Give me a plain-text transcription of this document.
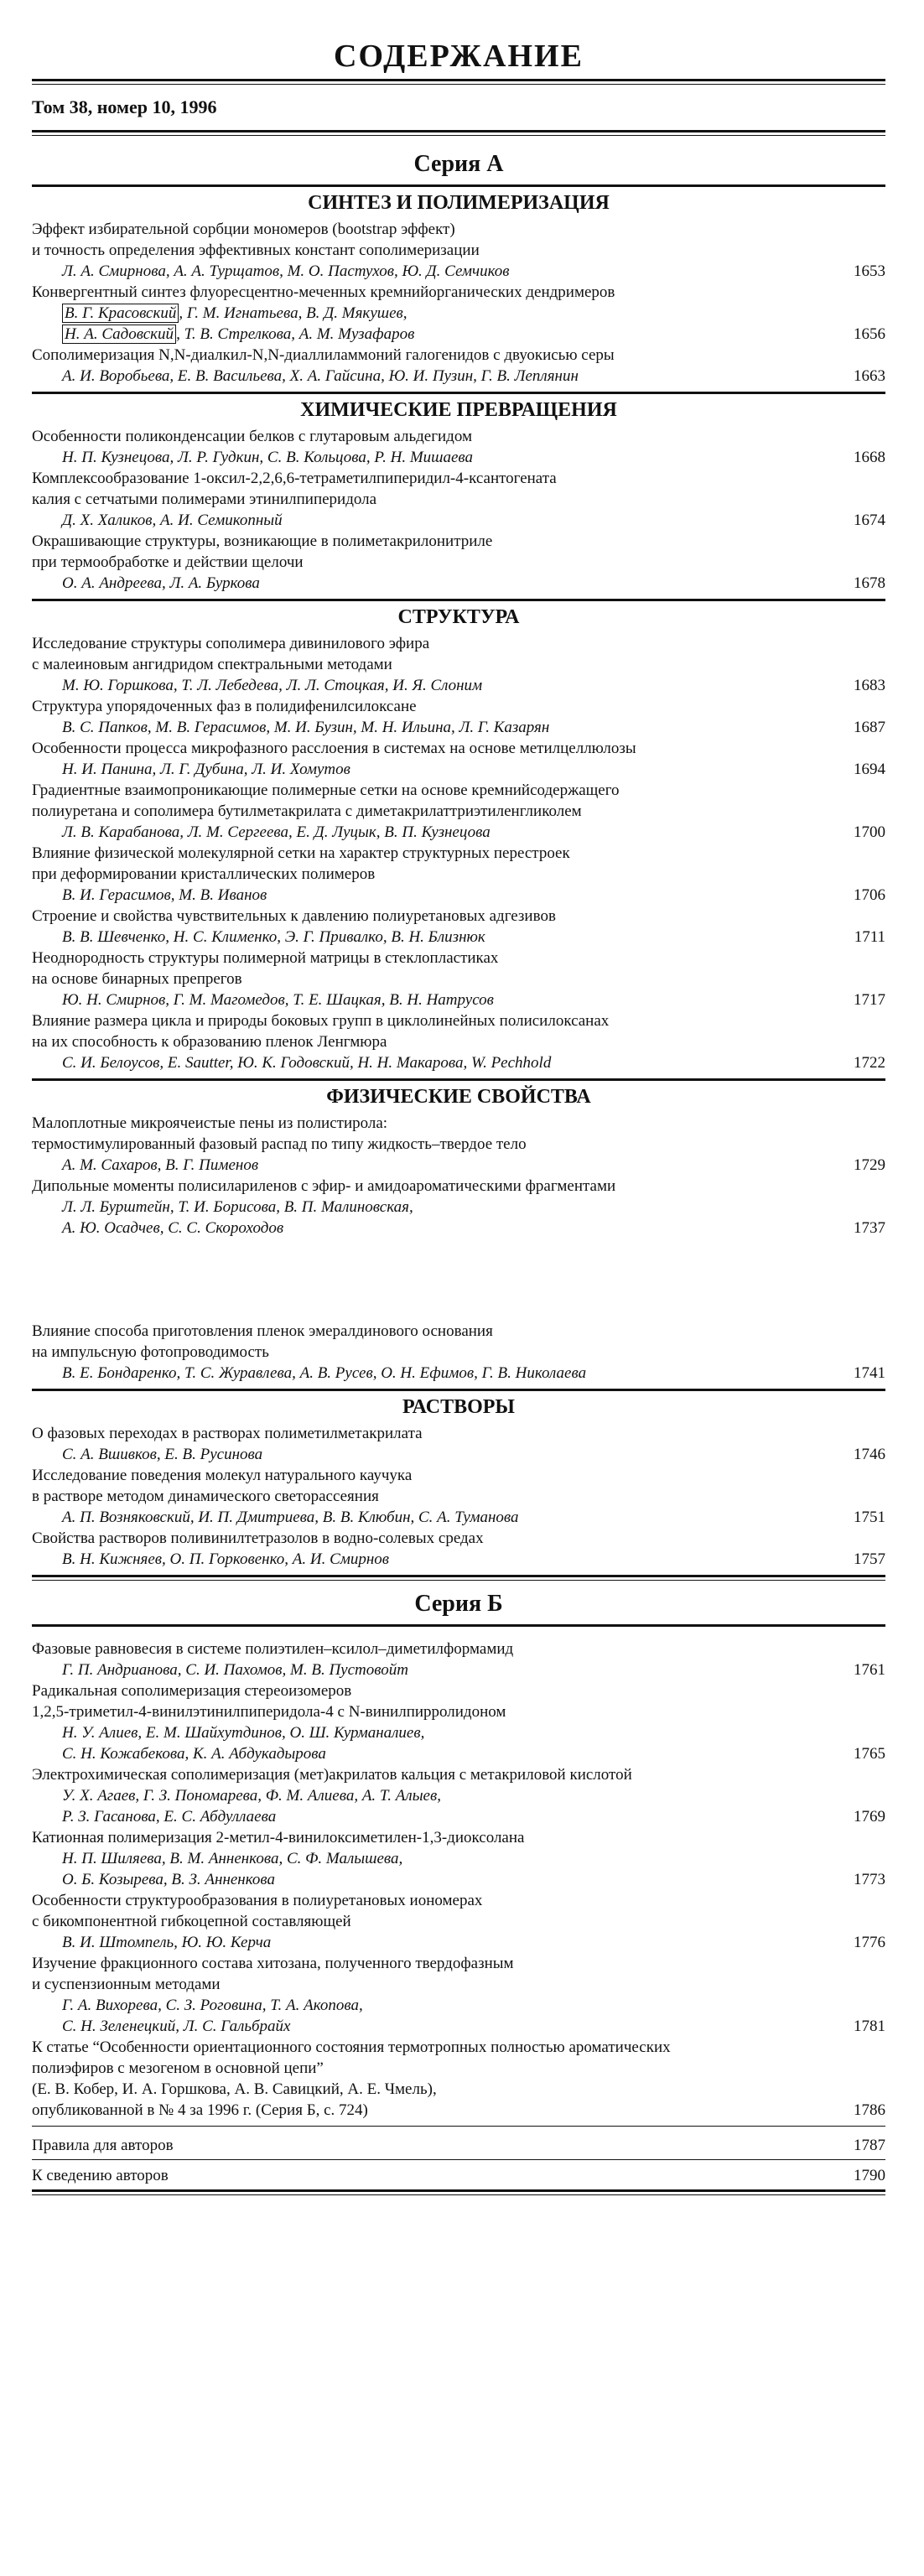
СОДЕРЖАНИЕ
Том 38, номер 10, 1996
Серия А
СИНТЕЗ И ПОЛИМЕРИЗАЦИЯ
Эффект избирательной сорбции мономеров (bootstrap эффект)
и точность определения эффективных констант сополимеризации
Л. А. Смирнова, А. А. Турщатов, М. О. Пастухов, Ю. Д. Семчиков	1653
Конвергентный синтез флуоресцентно-меченных кремнийорганических дендримеров
В. Г. Красовский , Г. М. Игнатьева, В. Д. Мякушев,
Н. А. Садовский , Т. В. Стрелкова, А. М. Музафаров	1656
Сополимеризация N,N-диалкил-N,N-диаллиламмоний галогенидов с двуокисью серы
А. И. Воробьева, Е. В. Васильева, Х. А. Гайсина, Ю. И. Пузин, Г. В. Леплянин	1663
ХИМИЧЕСКИЕ ПРЕВРАЩЕНИЯ
Особенности поликонденсации белков с глутаровым альдегидом
Н. П. Кузнецова, Л. Р. Гудкин, С. В. Кольцова, Р. Н. Мишаева	1668
Комплексообразование 1-оксил-2,2,6,6-тетраметилпиперидил-4-ксантогената
калия с сетчатыми полимерами этинилпиперидола
Д. Х. Халиков, А. И. Семикопный	1674
Окрашивающие структуры, возникающие в полиметакрилонитриле
при термообработке и действии щелочи
О. А. Андреева, Л. А. Буркова	1678
СТРУКТУРА
Исследование структуры сополимера дивинилового эфира
с малеиновым ангидридом спектральными методами
М. Ю. Горшкова, Т. Л. Лебедева, Л. Л. Стоцкая, И. Я. Слоним	1683
Структура упорядоченных фаз в полидифенилсилоксане
В. С. Папков, М. В. Герасимов, М. И. Бузин, М. Н. Ильина, Л. Г. Казарян	1687
Особенности процесса микрофазного расслоения в системах на основе метилцеллюлозы
Н. И. Панина, Л. Г. Дубина, Л. И. Хомутов	1694
Градиентные взаимопроникающие полимерные сетки на основе кремнийсодержащего
полиуретана и сополимера бутилметакрилата с диметакрилаттриэтиленгликолем
Л. В. Карабанова, Л. М. Сергеева, Е. Д. Луцык, В. П. Кузнецова	1700
Влияние физической молекулярной сетки на характер структурных перестроек
при деформировании кристаллических полимеров
В. И. Герасимов, М. В. Иванов	1706
Строение и свойства чувствительных к давлению полиуретановых адгезивов
В. В. Шевченко, Н. С. Клименко, Э. Г. Привалко, В. Н. Близнюк	1711
Неоднородность структуры полимерной матрицы в стеклопластиках
на основе бинарных препрегов
Ю. Н. Смирнов, Г. М. Магомедов, Т. Е. Шацкая, В. Н. Натрусов	1717
Влияние размера цикла и природы боковых групп в циклолинейных полисилоксанах
на их способность к образованию пленок Ленгмюра
С. И. Белоусов, E. Sautter, Ю. К. Годовский, Н. Н. Макарова, W. Pechhold	1722
ФИЗИЧЕСКИЕ СВОЙСТВА
Малоплотные микроячеистые пены из полистирола:
термостимулированный фазовый распад по типу жидкость–твердое тело
А. М. Сахаров, В. Г. Пименов	1729
Дипольные моменты полисилариленов с эфир- и амидоароматическими фрагментами
Л. Л. Бурштейн, Т. И. Борисова, В. П. Малиновская,
А. Ю. Осадчев, С. С. Скороходов	1737
Влияние способа приготовления пленок эмералдинового основания
на импульсную фотопроводимость
В. Е. Бондаренко, Т. С. Журавлева, А. В. Русев, О. Н. Ефимов, Г. В. Николаева	1741
РАСТВОРЫ
О фазовых переходах в растворах полиметилметакрилата
С. А. Вшивков, Е. В. Русинова	1746
Исследование поведения молекул натурального каучука
в растворе методом динамического светорассеяния
А. П. Возняковский, И. П. Дмитриева, В. В. Клюбин, С. А. Туманова	1751
Свойства растворов поливинилтетразолов в водно-солевых средах
В. Н. Кижняев, О. П. Горковенко, А. И. Смирнов	1757
Серия Б
Фазовые равновесия в системе полиэтилен–ксилол–диметилформамид
Г. П. Андрианова, С. И. Пахомов, М. В. Пустовойт	1761
Радикальная сополимеризация стереоизомеров
1,2,5-триметил-4-винилэтинилпиперидола-4 с N-винилпирролидоном
Н. У. Алиев, Е. М. Шайхутдинов, О. Ш. Курманалиев,
С. Н. Кожабекова, К. А. Абдукадырова	1765
Электрохимическая сополимеризация (мет)акрилатов кальция с метакриловой кислотой
У. Х. Агаев, Г. З. Пономарева, Ф. М. Алиева, А. Т. Алыев,
Р. З. Гасанова, Е. С. Абдуллаева	1769
Катионная полимеризация 2-метил-4-винилоксиметилен-1,3-диоксолана
Н. П. Шиляева, В. М. Анненкова, С. Ф. Малышева,
О. Б. Козырева, В. З. Анненкова	1773
Особенности структурообразования в полиуретановых иономерах
с бикомпонентной гибкоцепной составляющей
В. И. Штомпель, Ю. Ю. Керча	1776
Изучение фракционного состава хитозана, полученного твердофазным
и суспензионным методами
Г. А. Вихорева, С. З. Роговина, Т. А. Акопова,
С. Н. Зеленецкий, Л. С. Гальбрайх	1781
К статье “Особенности ориентационного состояния термотропных полностью ароматических
полиэфиров с мезогеном в основной цепи”
(Е. В. Кобер, И. А. Горшкова, А. В. Савицкий, А. Е. Чмель),
опубликованной в № 4 за 1996 г. (Серия Б, с. 724)	1786
Правила для авторов	1787
К сведению авторов	1790
